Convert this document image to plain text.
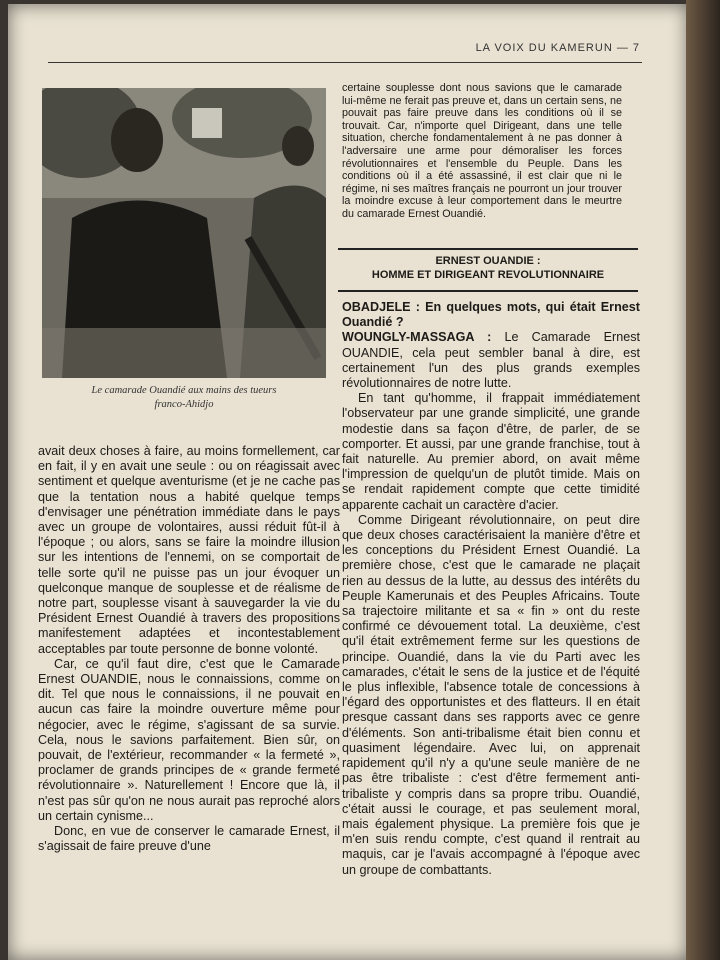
LA VOIX DU KAMERUN — 7
Le camarade Ouandié aux mains des tueurs
franco-Ahidjo

certaine souplesse dont nous savions que le camarade lui-même ne ferait pas preuve et, dans un certain sens, ne pouvait pas faire preuve dans les conditions où il se trouvait. Car, n'importe quel Dirigeant, dans une telle situation, cherche fondamentalement à ne pas donner à l'adversaire une arme pour démoraliser les forces révolutionnaires et l'ensemble du Peuple. Dans les conditions où il a été assassiné, il est clair que ni le régime, ni ses maîtres français ne pourront un jour trouver la moindre excuse à leur comportement dans le meurtre du camarade Ernest Ouandié.

ERNEST OUANDIE :
HOMME ET DIRIGEANT REVOLUTIONNAIRE

OBADJELE : En quelques mots, qui était Ernest Ouandié ?

WOUNGLY-MASSAGA : Le Camarade Ernest OUANDIE, cela peut sembler banal à dire, est certainement l'un des plus grands exemples révolutionnaires de notre lutte.

En tant qu'homme, il frappait immédiatement l'observateur par une grande simplicité, une grande modestie dans sa façon d'être, de parler, de se comporter. Et aussi, par une grande franchise, tout à fait naturelle. Au premier abord, on avait même l'impression de quelqu'un de plutôt timide. Mais on se rendait rapidement compte que cette timidité apparente cachait un caractère d'acier.

Comme Dirigeant révolutionnaire, on peut dire que deux choses caractérisaient la manière d'être et les conceptions du Président Ernest Ouandié. La première chose, c'est que le camarade ne plaçait rien au dessus de la lutte, au dessus des intérêts du Peuple Kamerunais et des Peuples Africains. Toute sa trajectoire militante et sa « fin » ont du reste confirmé ce dévouement total. La deuxième, c'est qu'il était extrêmement ferme sur les questions de principe. Ouandié, dans la vie du Parti avec les camarades, c'était le sens de la justice et de l'équité le plus inflexible, l'absence totale de concessions à l'égard des opportunistes et des flatteurs. Il en était presque cassant dans ses rapports avec ce genre d'éléments. Son anti-tribalisme était bien connu et quasiment légendaire. Avec lui, on apprenait rapidement qu'il n'y a qu'une seule manière de ne pas être tribaliste : c'est d'être fermement anti-tribaliste y compris dans sa propre tribu. Ouandié, c'était aussi le courage, et pas seulement moral, mais également physique. La première fois que je m'en suis rendu compte, c'est quand il rentrait au maquis, car je l'avais accompagné à l'époque avec un groupe de combattants.

avait deux choses à faire, au moins formellement, car en fait, il y en avait une seule : ou on réagissait avec sentiment et quelque aventurisme (et je ne cache pas que la tentation nous a habité quelque temps d'envisager une pénétration immédiate dans le pays avec un groupe de volontaires, aussi réduit fût-il à l'époque ; ou alors, sans se faire la moindre illusion sur les intentions de l'ennemi, on se comportait de telle sorte qu'il ne puisse pas un jour évoquer un quelconque manque de souplesse et de réalisme de notre part, souplesse visant à sauvegarder la vie du Président Ernest Ouandié à travers des propositions manifestement adaptées et incontestablement acceptables par toute personne de bonne volonté.

Car, ce qu'il faut dire, c'est que le Camarade Ernest OUANDIE, nous le connaissions, comme on dit. Tel que nous le connaissions, il ne pouvait en aucun cas faire la moindre ouverture même pour négocier, avec le régime, s'agissant de sa survie. Cela, nous le savions parfaitement. Bien sûr, on pouvait, de l'extérieur, recommander « la fermeté », proclamer de grands principes de « grande fermeté révolutionnaire ». Naturellement ! Encore que là, il n'est pas sûr qu'on ne nous aurait pas reproché alors un certain cynisme...

Donc, en vue de conserver le camarade Ernest, il s'agissait de faire preuve d'une
